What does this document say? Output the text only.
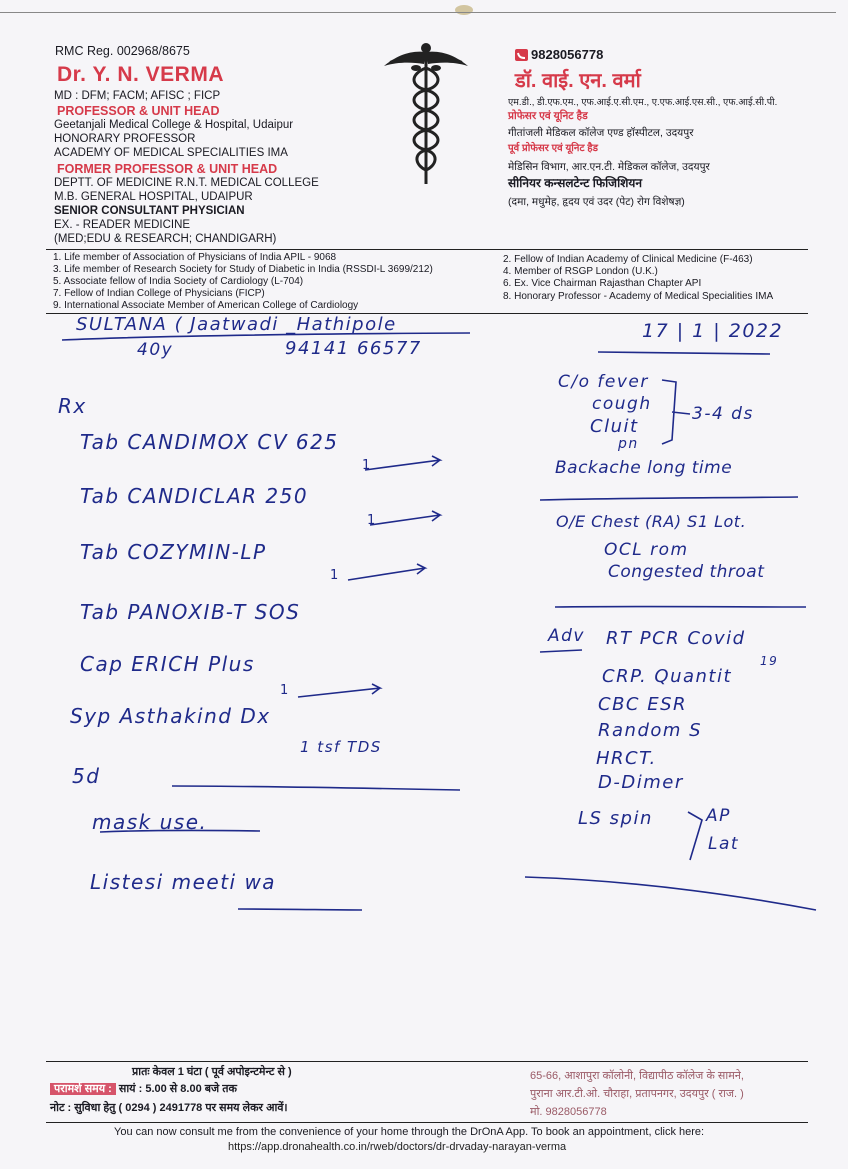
RMC Reg. 002968/8675
Dr. Y. N. VERMA
MD : DFM; FACM; AFISC ; FICP
PROFESSOR & UNIT HEAD
Geetanjali Medical College & Hospital, Udaipur
HONORARY PROFESSOR
ACADEMY OF MEDICAL SPECIALITIES IMA
FORMER PROFESSOR & UNIT HEAD
DEPTT. OF MEDICINE R.N.T. MEDICAL COLLEGE
M.B. GENERAL HOSPITAL, UDAIPUR
SENIOR CONSULTANT PHYSICIAN
EX. - READER MEDICINE
(MED;EDU & RESEARCH; CHANDIGARH)
9828056778
डॉ. वाई. एन. वर्मा
एम.डी., डी.एफ.एम., एफ.आई.ए.सी.एम., ए.एफ.आई.एस.सी., एफ.आई.सी.पी.
प्रोफेसर एवं यूनिट हैड
गीतांजली मेडिकल कॉलेज एण्ड हॉस्पीटल, उदयपुर
पूर्व प्रोफेसर एवं यूनिट हैड
मेडिसिन विभाग, आर.एन.टी. मेडिकल कॉलेज, उदयपुर
सीनियर कन्सलटेन्ट फिजिशियन
(दमा, मधुमेह, हृदय एवं उदर (पेट) रोग विशेषज्ञ)
1. Life member of Association of Physicians of India APIL - 9068
3. Life member of Research Society for Study of Diabetic in India (RSSDI-L 3699/212)
5. Associate fellow of India Society of Cardiology (L-704)
7. Fellow of Indian College of Physicians (FICP)
9. International Associate Member of American College of Cardiology
2. Fellow of Indian Academy of Clinical Medicine (F-463)
4. Member of RSGP London (U.K.)
6. Ex. Vice Chairman Rajasthan Chapter API
8. Honorary Professor - Academy of Medical Specialities IMA
SULTANA ( Jaatwadi _Hathipole
40y	94141 66577
17 | 1 | 2022
Rx
Tab CANDIMOX CV 625
1
Tab CANDICLAR 250
1
Tab COZYMIN-LP
1
Tab PANOXIB-T SOS
Cap ERICH Plus
1
Syp Asthakind Dx
1 tsf TDS
5d
mask use.
Listesi meeti wa
C/o fever
cough
Cluit
pn
3-4 ds
Backache long time
O/E Chest (RA) S1 Lot.
OCL rom
Congested throat
Adv RT PCR Covid
19
CRP. Quantit
CBC ESR
Random S
HRCT.
D-Dimer
LS spin	AP
Lat
प्रातः केवल 1 घंटा ( पूर्व अपोइन्टमेन्ट से )
परामर्श समय : सायं : 5.00 से 8.00 बजे तक
नोट : सुविधा हेतु ( 0294 ) 2491778 पर समय लेकर आवें।
65-66, आशापुरा कॉलोनी, विद्यापीठ कॉलेज के सामने,
पुराना आर.टी.ओ. चौराहा, प्रतापनगर, उदयपुर ( राज. )
मो. 9828056778
You can now consult me from the convenience of your home through the DrOnA App. To book an appointment, click here:
https://app.dronahealth.co.in/rweb/doctors/dr-drvaday-narayan-verma
